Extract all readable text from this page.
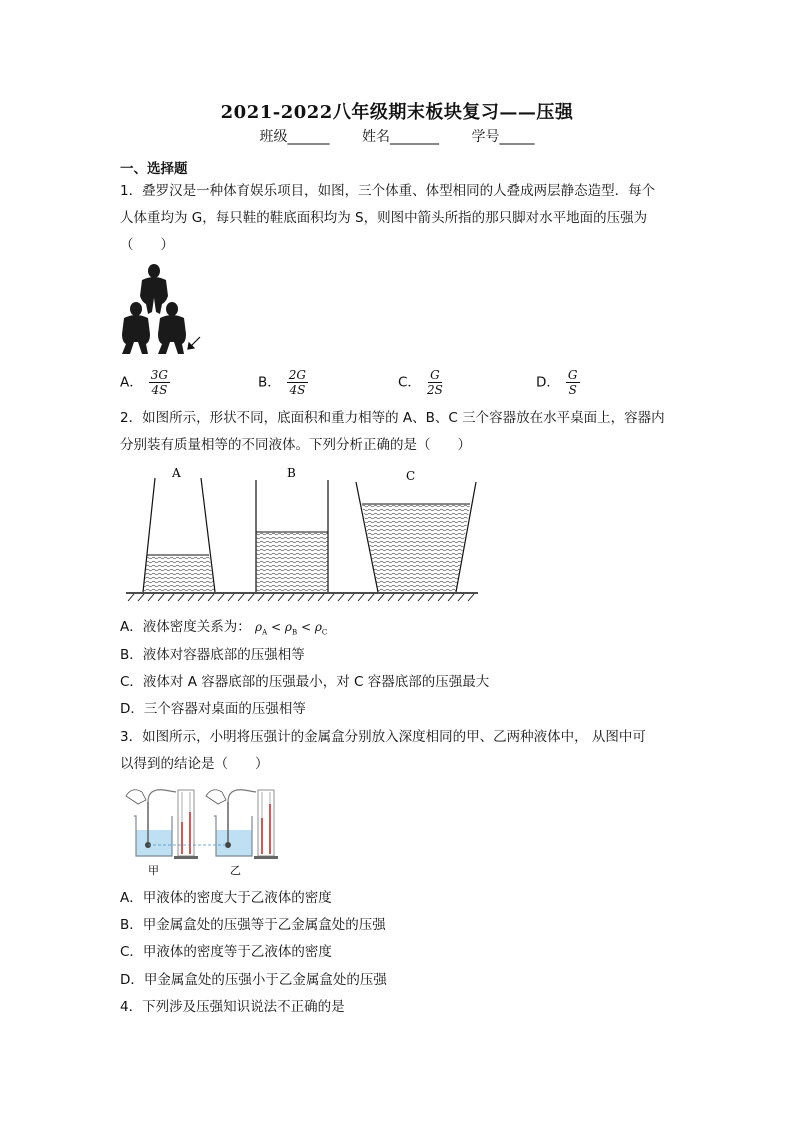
2021-2022八年级期末板块复习——压强
班级______ 姓名_______ 学号_____
一、选择题
1．叠罗汉是一种体育娱乐项目，如图，三个体重、体型相同的人叠成两层静态造型．每个
人体重均为 G，每只鞋的鞋底面积均为 S，则图中箭头所指的那只脚对水平地面的压强为
（　　）
A． $\frac{3G}{4S}$	B． $\frac{2G}{4S}$	C． $\frac{G}{2S}$	D． $\frac{G}{S}$
2．如图所示，形状不同，底面积和重力相等的 A、B、C 三个容器放在水平桌面上，容器内
分别装有质量相等的不同液体。下列分析正确的是（　　）
A	B	C
A．液体密度关系为： $\rho_A < \rho_B < \rho_C$
B．液体对容器底部的压强相等
C．液体对 A 容器底部的压强最小，对 C 容器底部的压强最大
D．三个容器对桌面的压强相等
3．如图所示，小明将压强计的金属盒分别放入深度相同的甲、乙两种液体中， 从图中可
以得到的结论是（　　）
甲	乙
A．甲液体的密度大于乙液体的密度
B．甲金属盒处的压强等于乙金属盒处的压强
C．甲液体的密度等于乙液体的密度
D．甲金属盒处的压强小于乙金属盒处的压强
4．下列涉及压强知识说法不正确的是
